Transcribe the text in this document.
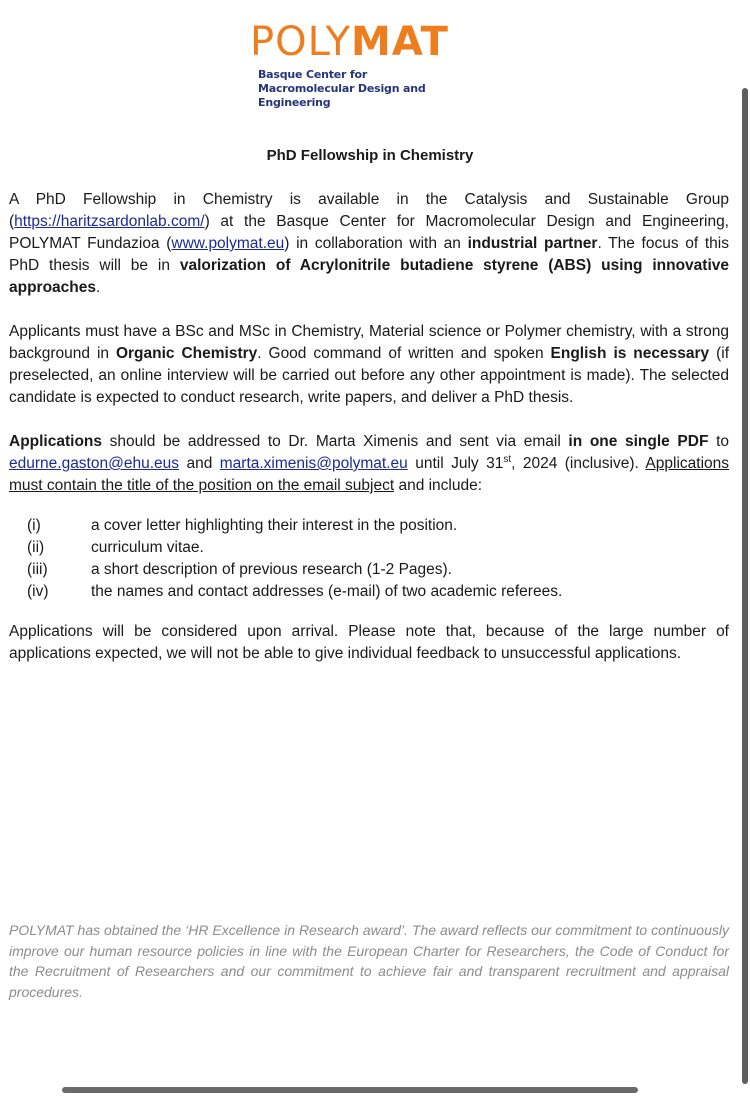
POLYMAT
Basque Center for
Macromolecular Design and Engineering
PhD Fellowship in Chemistry

A PhD Fellowship in Chemistry is available in the Catalysis and Sustainable Group (https://haritzsardonlab.com/) at the Basque Center for Macromolecular Design and Engineering, POLYMAT Fundazioa (www.polymat.eu) in collaboration with an industrial partner. The focus of this PhD thesis will be in valorization of Acrylonitrile butadiene styrene (ABS) using innovative approaches.

Applicants must have a BSc and MSc in Chemistry, Material science or Polymer chemistry, with a strong background in Organic Chemistry. Good command of written and spoken English is necessary (if preselected, an online interview will be carried out before any other appointment is made). The selected candidate is expected to conduct research, write papers, and deliver a PhD thesis.

Applications should be addressed to Dr. Marta Ximenis and sent via email in one single PDF to edurne.gaston@ehu.eus and marta.ximenis@polymat.eu until July 31st, 2024 (inclusive). Applications must contain the title of the position on the email subject and include:

(i)	a cover letter highlighting their interest in the position.
(ii)	curriculum vitae.
(iii)	a short description of previous research (1-2 Pages).
(iv)	the names and contact addresses (e-mail) of two academic referees.

Applications will be considered upon arrival. Please note that, because of the large number of applications expected, we will not be able to give individual feedback to unsuccessful applications.

POLYMAT has obtained the ‘HR Excellence in Research award’. The award reflects our commitment to continuously improve our human resource policies in line with the European Charter for Researchers, the Code of Conduct for the Recruitment of Researchers and our commitment to achieve fair and transparent recruitment and appraisal procedures.
